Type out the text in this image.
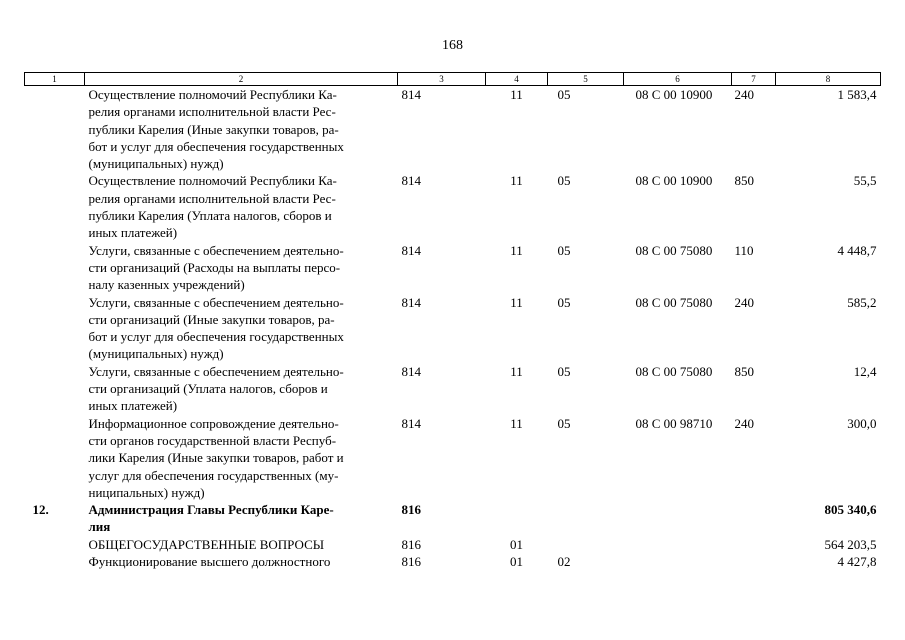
168
1	2	3	4	5	6	7	8

	Осуществление полномочий Республики Ка-
релия органами исполнительной власти Рес-
публики Карелия (Иные закупки товаров, ра-
бот и услуг для обеспечения государственных
(муниципальных) нужд)	814	11	05	08 С 00 10900	240	1 583,4

	Осуществление полномочий Республики Ка-
релия органами исполнительной власти Рес-
публики Карелия (Уплата налогов, сборов и
иных платежей)	814	11	05	08 С 00 10900	850	55,5

	Услуги, связанные с обеспечением деятельно-
сти организаций (Расходы на выплаты персо-
налу казенных учреждений)	814	11	05	08 С 00 75080	110	4 448,7

	Услуги, связанные с обеспечением деятельно-
сти организаций (Иные закупки товаров, ра-
бот и услуг для обеспечения государственных
(муниципальных) нужд)	814	11	05	08 С 00 75080	240	585,2

	Услуги, связанные с обеспечением деятельно-
сти организаций (Уплата налогов, сборов и
иных платежей)	814	11	05	08 С 00 75080	850	12,4

	Информационное сопровождение деятельно-
сти органов государственной власти Респуб-
лики Карелия (Иные закупки товаров, работ и
услуг для обеспечения государственных (му-
ниципальных) нужд)	814	11	05	08 С 00 98710	240	300,0
12.	Администрация Главы Республики Каре-
лия	816					805 340,6

	ОБЩЕГОСУДАРСТВЕННЫЕ ВОПРОСЫ	816	01				564 203,5

	Функционирование высшего должностного	816	01	02			4 427,8
